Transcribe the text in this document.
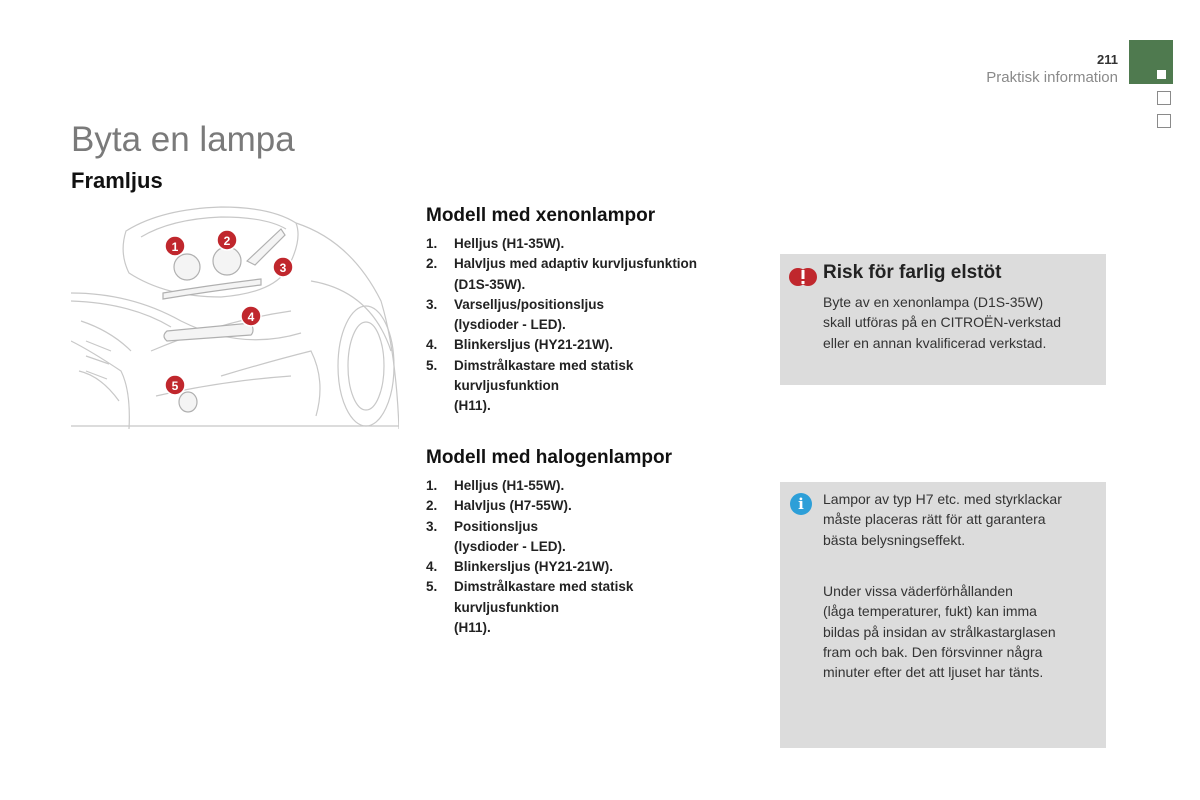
211
Praktisk information
Byta en lampa
Framljus
1	2
3
4
5
Modell med xenonlampor
1.	Helljus (H1-35W).
2.	Halvljus med adaptiv kurvljusfunktion
(D1S-35W).
3.	Varselljus/positionsljus
(lysdioder - LED).
4.	Blinkersljus (HY21-21W).
5.	Dimstrålkastare med statisk
kurvljusfunktion
(H11).
Modell med halogenlampor
1.	Helljus (H1-55W).
2.	Halvljus (H7-55W).
3.	Positionsljus
(lysdioder - LED).
4.	Blinkersljus (HY21-21W).
5.	Dimstrålkastare med statisk
kurvljusfunktion
(H11).
Risk för farlig elstöt
Byte av en xenonlampa (D1S-35W)
skall utföras på en CITROËN-verkstad
eller en annan kvalificerad verkstad.
i	Lampor av typ H7 etc. med styrklackar
måste placeras rätt för att garantera
bästa belysningseffekt.
Under vissa väderförhållanden
(låga temperaturer, fukt) kan imma
bildas på insidan av strålkastarglasen
fram och bak. Den försvinner några
minuter efter det att ljuset har tänts.
